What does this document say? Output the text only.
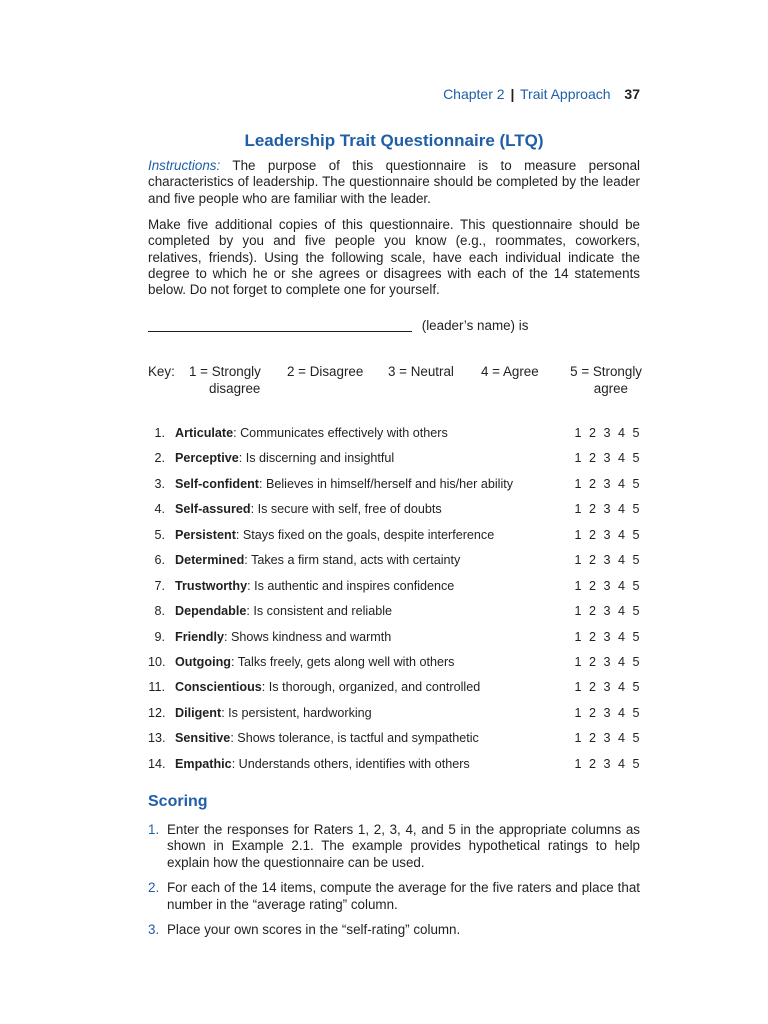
Chapter 2 | Trait Approach 37
Leadership Trait Questionnaire (LTQ)
Instructions: The purpose of this questionnaire is to measure personal characteristics of leadership. The questionnaire should be completed by the leader and five people who are familiar with the leader.
Make five additional copies of this questionnaire. This questionnaire should be completed by you and five people you know (e.g., roommates, coworkers, relatives, friends). Using the following scale, have each individual indicate the degree to which he or she agrees or disagrees with each of the 14 statements below. Do not forget to complete one for yourself.
(leader’s name) is
Key: 1 = Strongly
disagree
2 = Disagree	3 = Neutral	4 = Agree	5 = Strongly
agree
1. Articulate: Communicates effectively with others	1 2 3 4 5
2. Perceptive: Is discerning and insightful	1 2 3 4 5
3. Self-confident: Believes in himself/herself and his/her ability	1 2 3 4 5
4. Self-assured: Is secure with self, free of doubts	1 2 3 4 5
5. Persistent: Stays fixed on the goals, despite interference	1 2 3 4 5
6. Determined: Takes a firm stand, acts with certainty	1 2 3 4 5
7. Trustworthy: Is authentic and inspires confidence	1 2 3 4 5
8. Dependable: Is consistent and reliable	1 2 3 4 5
9. Friendly: Shows kindness and warmth	1 2 3 4 5
10. Outgoing: Talks freely, gets along well with others	1 2 3 4 5
11. Conscientious: Is thorough, organized, and controlled	1 2 3 4 5
12. Diligent: Is persistent, hardworking	1 2 3 4 5
13. Sensitive: Shows tolerance, is tactful and sympathetic	1 2 3 4 5
14. Empathic: Understands others, identifies with others	1 2 3 4 5
Scoring
1. Enter the responses for Raters 1, 2, 3, 4, and 5 in the appropriate columns as shown in Example 2.1. The example provides hypothetical ratings to help explain how the questionnaire can be used.
2. For each of the 14 items, compute the average for the five raters and place that number in the “average rating” column.
3. Place your own scores in the “self-rating” column.
